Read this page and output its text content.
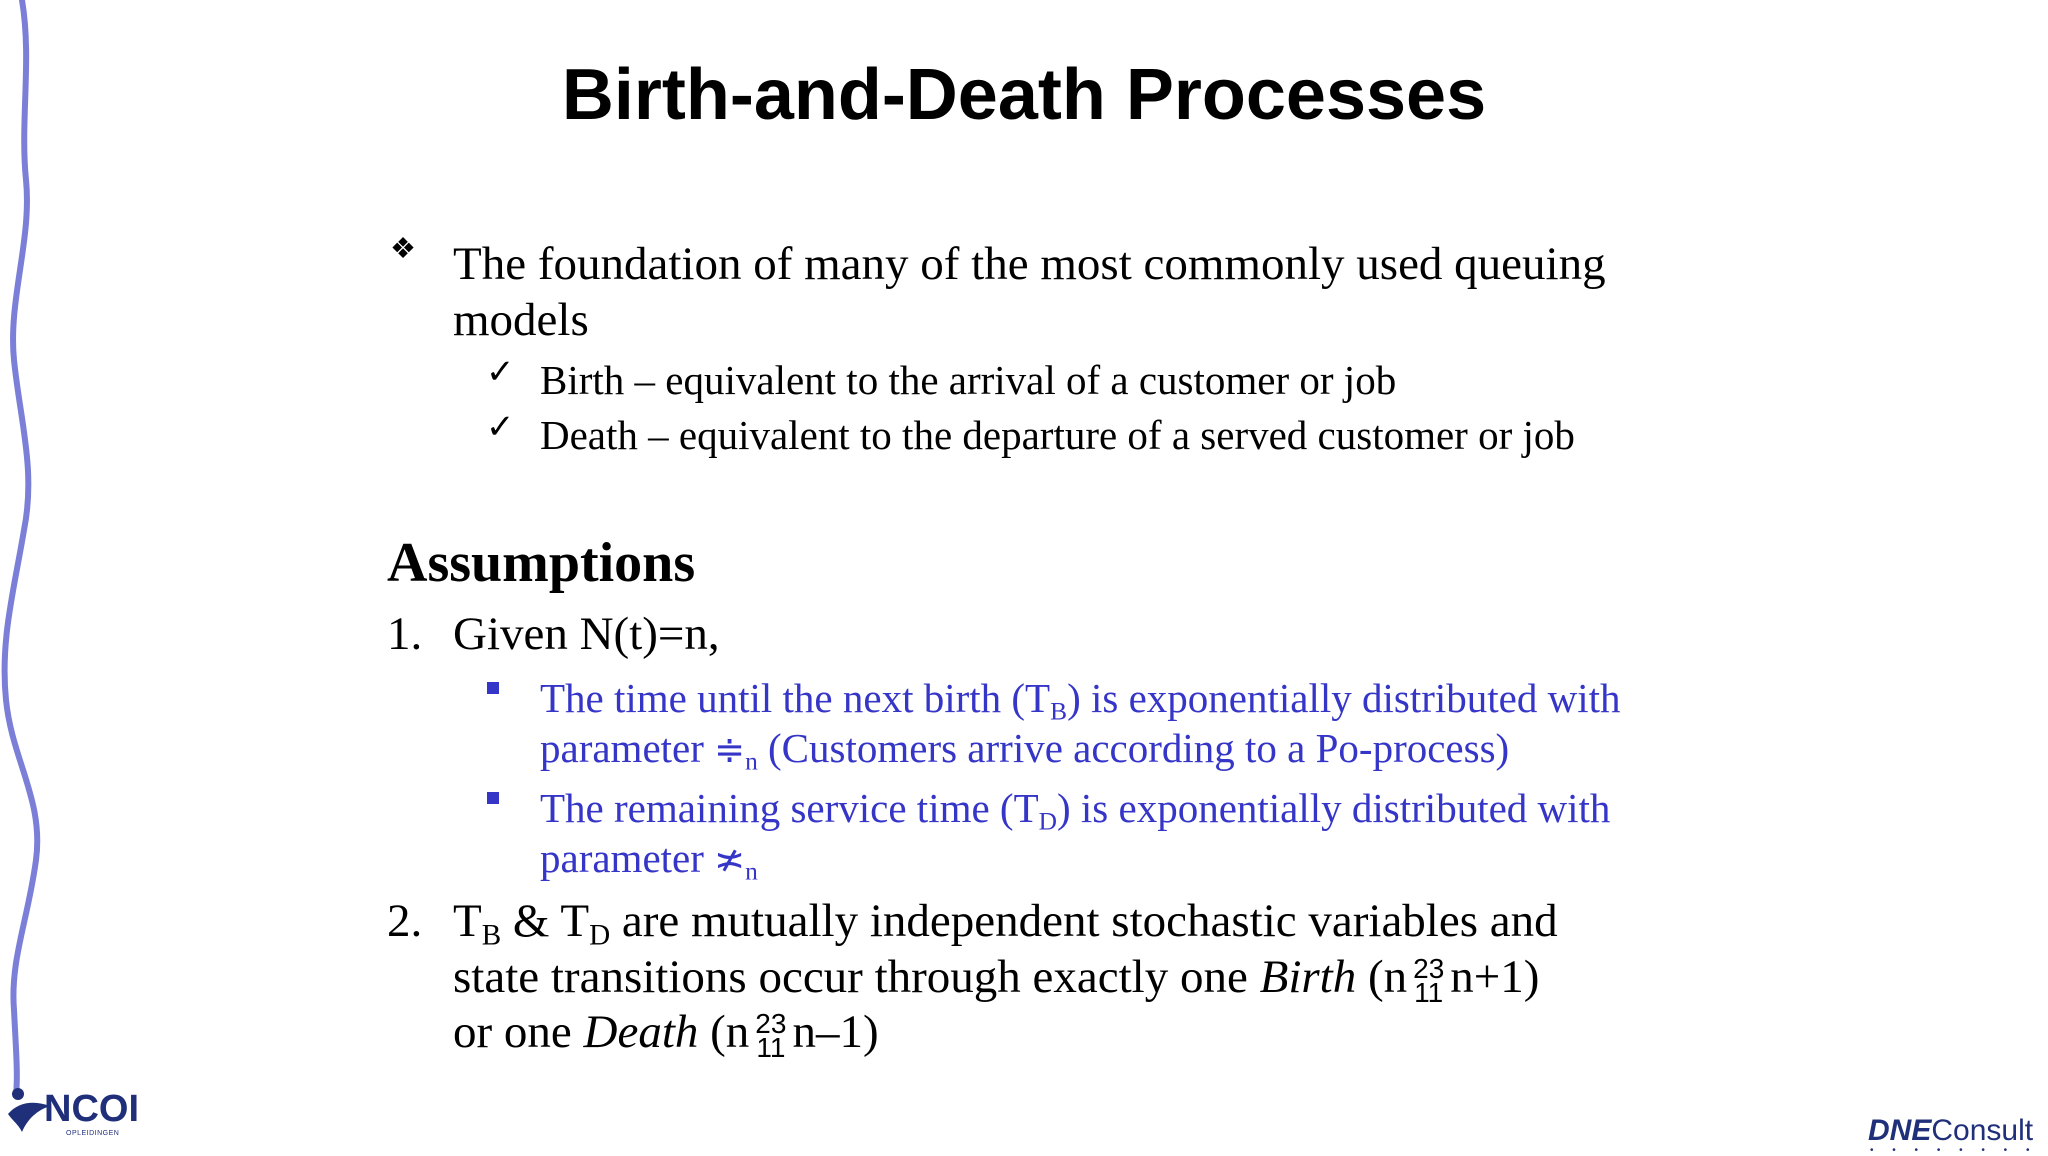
Birth-and-Death Processes
❖ The foundation of many of the most commonly used queuing models
✓ Birth – equivalent to the arrival of a customer or job
✓ Death – equivalent to the departure of a served customer or job
Assumptions
1. Given N(t)=n,
The time until the next birth $(T_B)$ is exponentially distributed with
parameter $≑_n$ (Customers arrive according to a Po-process)
The remaining service time $(T_D)$ is exponentially distributed with
parameter $≭_n$
2. $T_B$ & $T_D$ are mutually independent stochastic variables and
state transitions occur through exactly one Birth (n 23
11 n+1)
or one Death (n 23
11 n–1)
NCOI
OPLEIDINGEN	DNEConsult
• • • • • • • •
